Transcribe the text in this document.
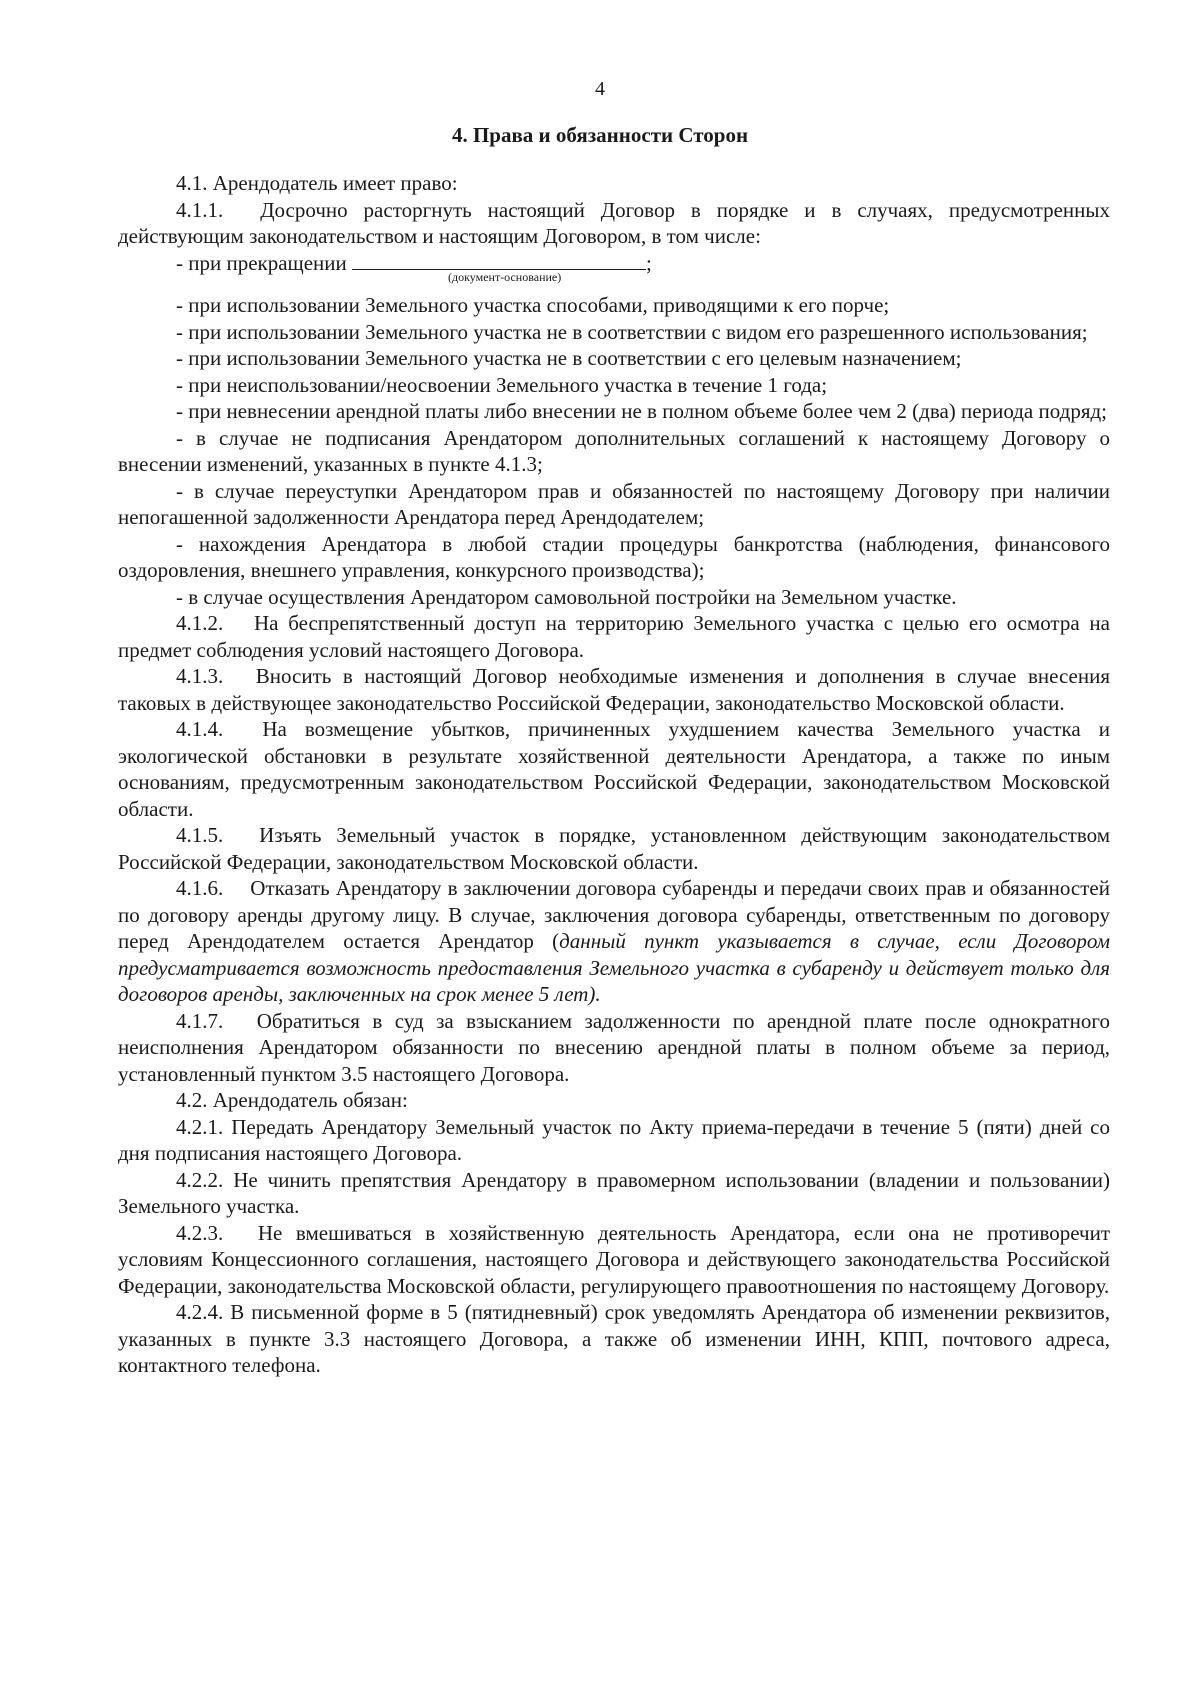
4
4. Права и обязанности Сторон

4.1. Арендодатель имеет право:

4.1.1.  Досрочно расторгнуть настоящий Договор в порядке и в случаях, предусмотренных действующим законодательством и настоящим Договором, в том числе:

- при прекращении	;

(документ-основание)

- при использовании Земельного участка способами, приводящими к его порче;

- при использовании Земельного участка не в соответствии с видом его разрешенного использования;

- при использовании Земельного участка не в соответствии с его целевым назначением;

- при неиспользовании/неосвоении Земельного участка в течение 1 года;

- при невнесении арендной платы либо внесении не в полном объеме более чем 2 (два) периода подряд;

- в случае не подписания Арендатором дополнительных соглашений к настоящему Договору о внесении изменений, указанных в пункте 4.1.3;

- в случае переуступки Арендатором прав и обязанностей по настоящему Договору при наличии непогашенной задолженности Арендатора перед Арендодателем;

- нахождения Арендатора в любой стадии процедуры банкротства (наблюдения, финансового оздоровления, внешнего управления, конкурсного производства);

- в случае осуществления Арендатором самовольной постройки на Земельном участке.

4.1.2.  На беспрепятственный доступ на территорию Земельного участка с целью его осмотра на предмет соблюдения условий настоящего Договора.

4.1.3.  Вносить в настоящий Договор необходимые изменения и дополнения в случае внесения таковых в действующее законодательство Российской Федерации, законодательство Московской области.

4.1.4.  На возмещение убытков, причиненных ухудшением качества Земельного участка и экологической обстановки в результате хозяйственной деятельности Арендатора, а также по иным основаниям, предусмотренным законодательством Российской Федерации, законодательством Московской области.

4.1.5.  Изъять Земельный участок в порядке, установленном действующим законодательством Российской Федерации, законодательством Московской области.

4.1.6.  Отказать Арендатору в заключении договора субаренды и передачи своих прав и обязанностей по договору аренды другому лицу. В случае, заключения договора субаренды, ответственным по договору перед Арендодателем остается Арендатор (данный пункт указывается в случае, если Договором предусматривается возможность предоставления Земельного участка в субаренду и действует только для договоров аренды, заключенных на срок менее 5 лет).

4.1.7.  Обратиться в суд за взысканием задолженности по арендной плате после однократного неисполнения Арендатором обязанности по внесению арендной платы в полном объеме за период, установленный пунктом 3.5 настоящего Договора.

4.2. Арендодатель обязан:

4.2.1. Передать Арендатору Земельный участок по Акту приема-передачи в течение 5 (пяти) дней со дня подписания настоящего Договора.

4.2.2. Не чинить препятствия Арендатору в правомерном использовании (владении и пользовании) Земельного участка.

4.2.3.  Не вмешиваться в хозяйственную деятельность Арендатора, если она не противоречит условиям Концессионного соглашения, настоящего Договора и действующего законодательства Российской Федерации, законодательства Московской области, регулирующего правоотношения по настоящему Договору.

4.2.4. В письменной форме в 5 (пятидневный) срок уведомлять Арендатора об изменении реквизитов, указанных в пункте 3.3 настоящего Договора, а также об изменении ИНН, КПП, почтового адреса, контактного телефона.
